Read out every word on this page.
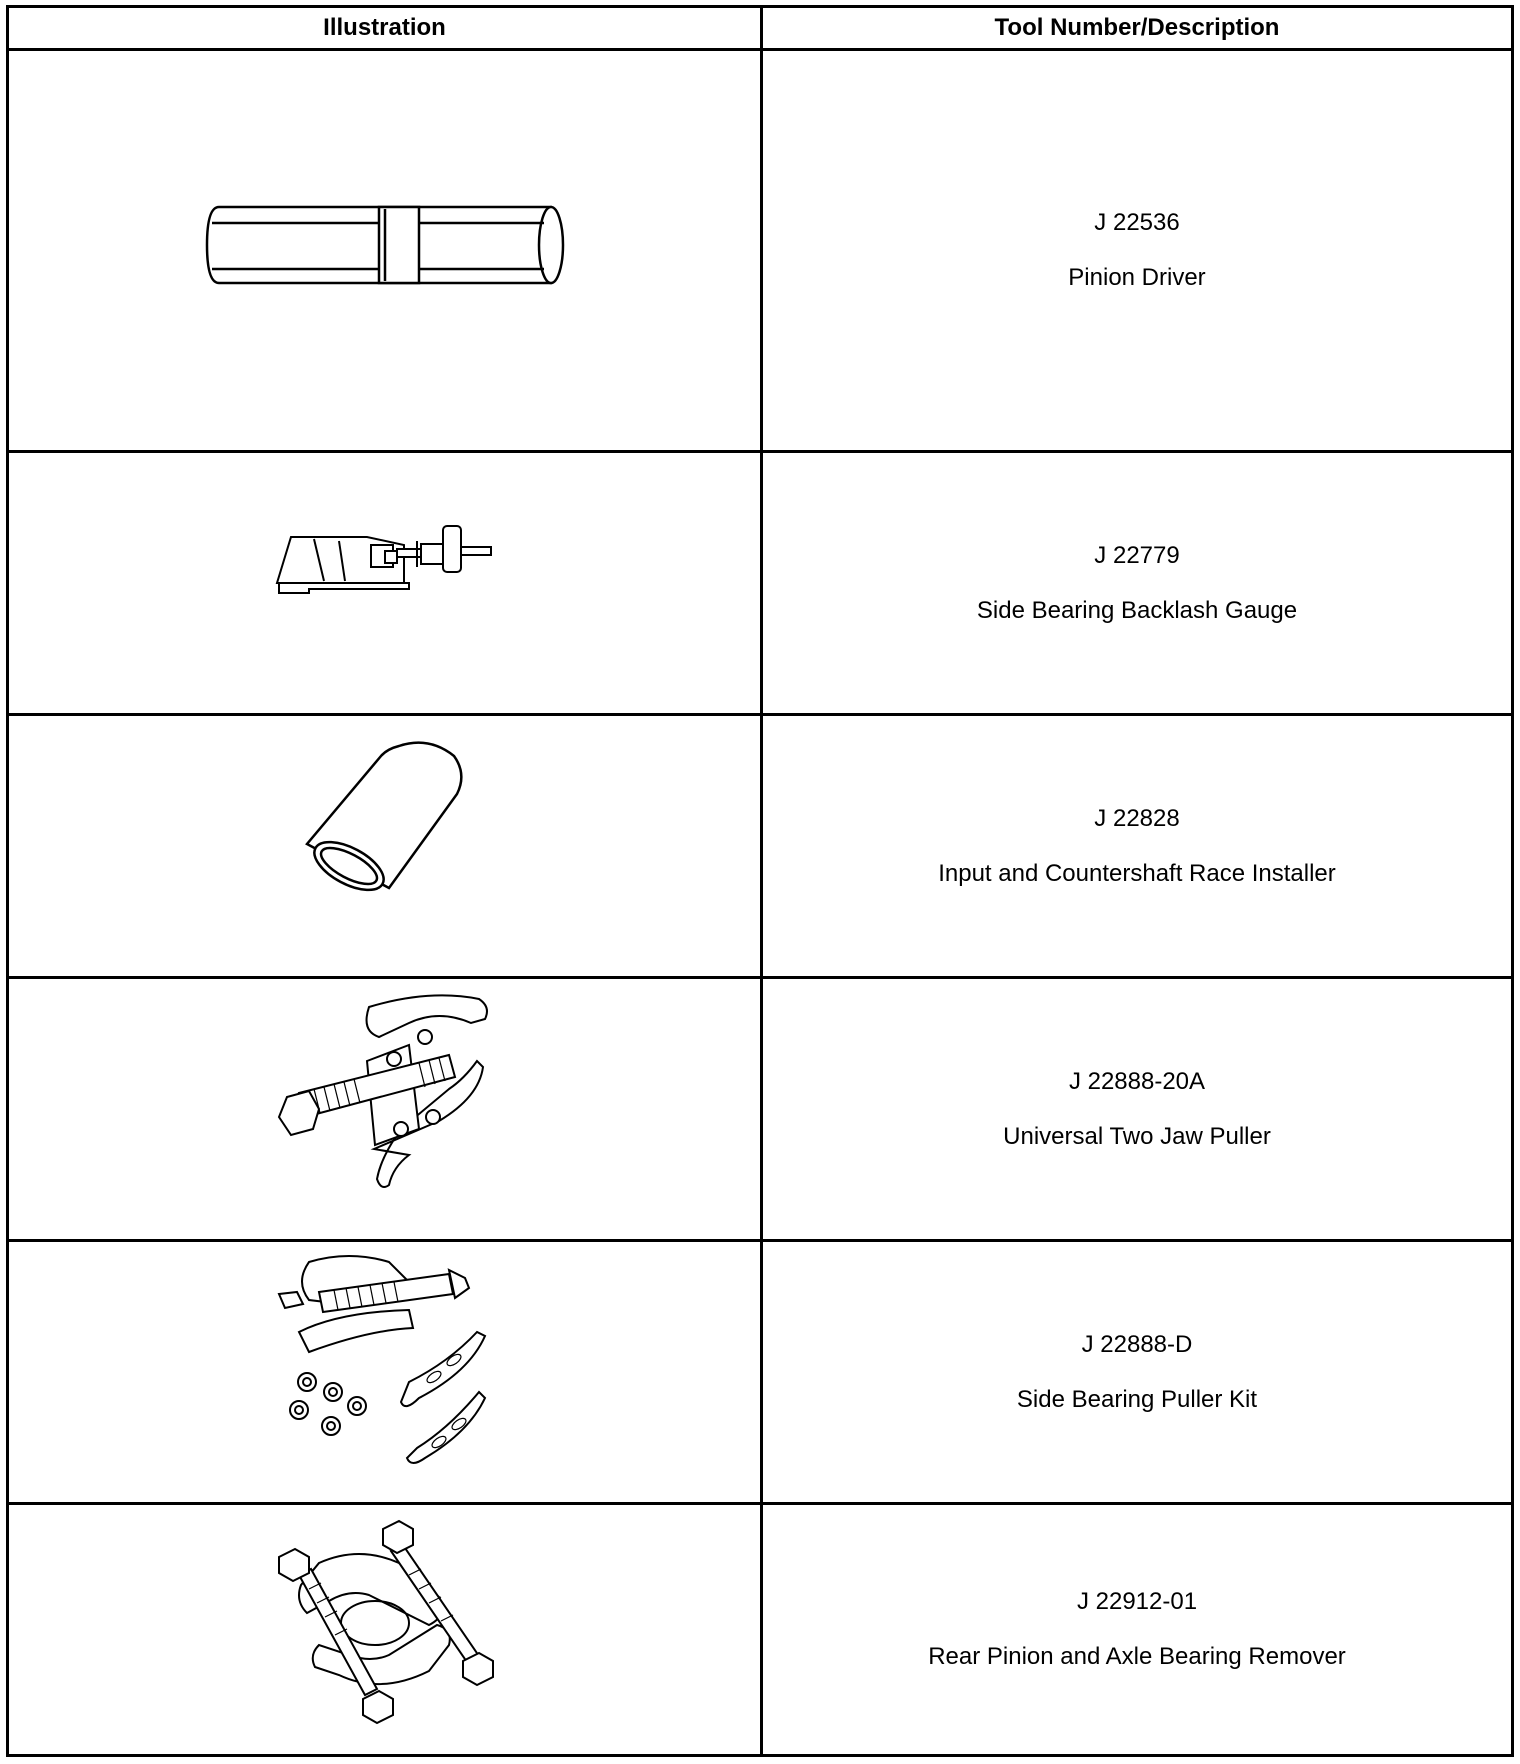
Illustration	Tool Number/Description
J 22536
Pinion Driver
J 22779
Side Bearing Backlash Gauge
J 22828
Input and Countershaft Race Installer
J 22888-20A
Universal Two Jaw Puller
J 22888-D
Side Bearing Puller Kit
J 22912-01
Rear Pinion and Axle Bearing Remover
